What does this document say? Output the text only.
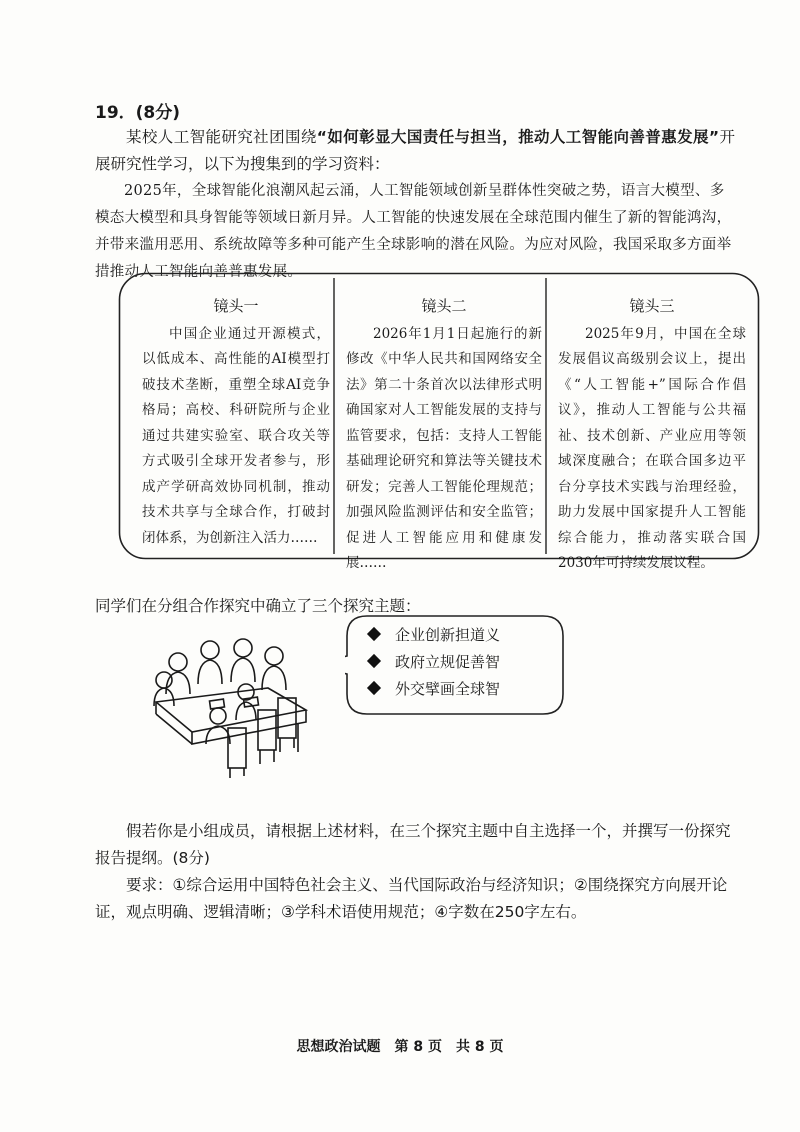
19．(8分)
某校人工智能研究社团围绕“如何彰显大国责任与担当，推动人工智能向善普惠发展”开展研究性学习，以下为搜集到的学习资料：
2025年，全球智能化浪潮风起云涌，人工智能领域创新呈群体性突破之势，语言大模型、多模态大模型和具身智能等领域日新月异。人工智能的快速发展在全球范围内催生了新的智能鸿沟，并带来滥用恶用、系统故障等多种可能产生全球影响的潜在风险。为应对风险，我国采取多方面举措推动人工智能向善普惠发展。
镜头一
中国企业通过开源模式，以低成本、高性能的AI模型打破技术垄断，重塑全球AI竞争格局；高校、科研院所与企业通过共建实验室、联合攻关等方式吸引全球开发者参与，形成产学研高效协同机制，推动技术共享与全球合作，打破封闭体系，为创新注入活力……
镜头二
2026年1月1日起施行的新修改《中华人民共和国网络安全法》第二十条首次以法律形式明确国家对人工智能发展的支持与监管要求，包括：支持人工智能基础理论研究和算法等关键技术研发；完善人工智能伦理规范；加强风险监测评估和安全监管；促进人工智能应用和健康发展……
镜头三
2025年9月，中国在全球发展倡议高级别会议上，提出《“人工智能+”国际合作倡议》，推动人工智能与公共福祉、技术创新、产业应用等领域深度融合；在联合国多边平台分享技术实践与治理经验，助力发展中国家提升人工智能综合能力，推动落实联合国2030年可持续发展议程。
同学们在分组合作探究中确立了三个探究主题：
企业创新担道义
政府立规促善智
外交擘画全球智
假若你是小组成员，请根据上述材料，在三个探究主题中自主选择一个，并撰写一份探究报告提纲。(8分)
要求：①综合运用中国特色社会主义、当代国际政治与经济知识；②围绕探究方向展开论证，观点明确、逻辑清晰；③学科术语使用规范；④字数在250字左右。
思想政治试题　第 8 页　共 8 页
